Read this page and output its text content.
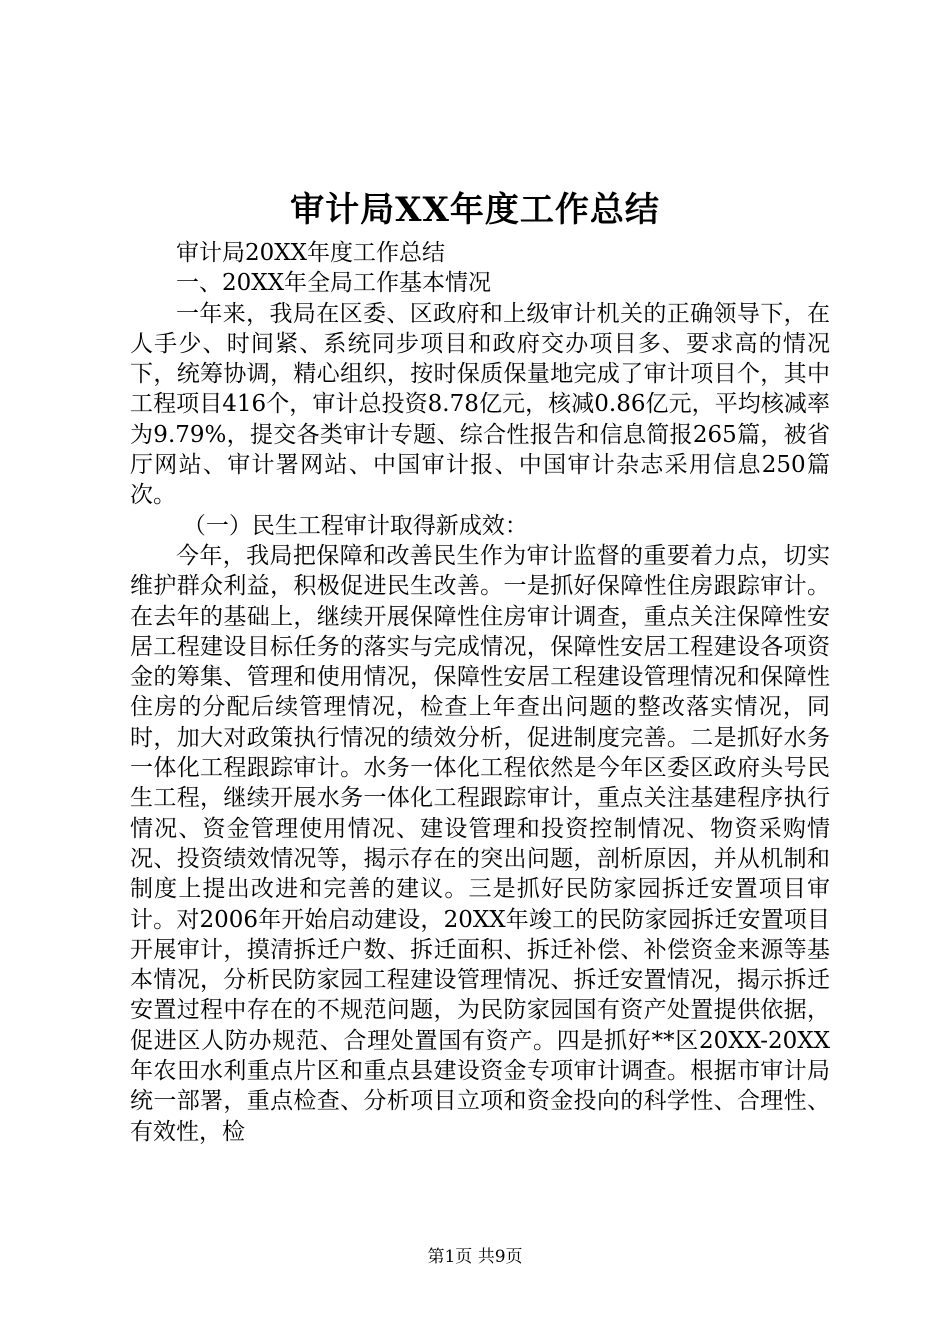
审计局XX年度工作总结

审计局20XX年度工作总结

一、20XX年全局工作基本情况

一年来，我局在区委、区政府和上级审计机关的正确领导下，在人手少、时间紧、系统同步项目和政府交办项目多、要求高的情况下，统筹协调，精心组织，按时保质保量地完成了审计项目个，其中工程项目416个，审计总投资8.78亿元，核减0.86亿元，平均核减率为9.79%，提交各类审计专题、综合性报告和信息简报265篇，被省厅网站、审计署网站、中国审计报、中国审计杂志采用信息250篇次。

（一）民生工程审计取得新成效：

今年，我局把保障和改善民生作为审计监督的重要着力点，切实维护群众利益，积极促进民生改善。一是抓好保障性住房跟踪审计。在去年的基础上，继续开展保障性住房审计调查，重点关注保障性安居工程建设目标任务的落实与完成情况，保障性安居工程建设各项资金的筹集、管理和使用情况，保障性安居工程建设管理情况和保障性住房的分配后续管理情况，检查上年查出问题的整改落实情况，同时，加大对政策执行情况的绩效分析，促进制度完善。二是抓好水务一体化工程跟踪审计。水务一体化工程依然是今年区委区政府头号民生工程，继续开展水务一体化工程跟踪审计，重点关注基建程序执行情况、资金管理使用情况、建设管理和投资控制情况、物资采购情况、投资绩效情况等，揭示存在的突出问题，剖析原因，并从机制和制度上提出改进和完善的建议。三是抓好民防家园拆迁安置项目审计。对2006年开始启动建设，20XX年竣工的民防家园拆迁安置项目开展审计，摸清拆迁户数、拆迁面积、拆迁补偿、补偿资金来源等基本情况，分析民防家园工程建设管理情况、拆迁安置情况，揭示拆迁安置过程中存在的不规范问题，为民防家园国有资产处置提供依据，促进区人防办规范、合理处置国有资产。四是抓好**区20XX-20XX年农田水利重点片区和重点县建设资金专项审计调查。根据市审计局统一部署，重点检查、分析项目立项和资金投向的科学性、合理性、有效性，检

第1页 共9页
